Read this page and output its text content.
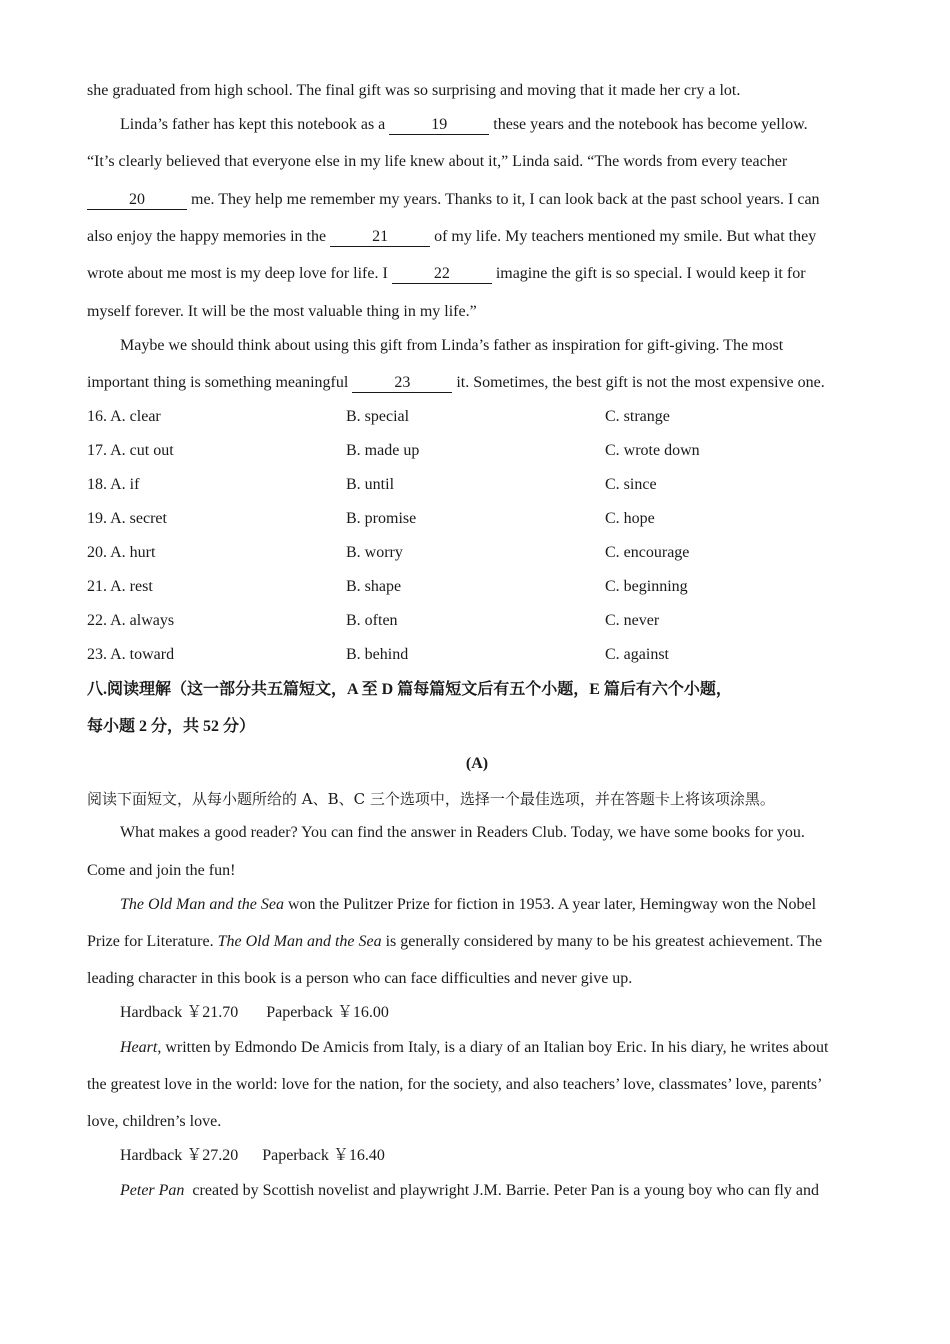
she graduated from high school. The final gift was so surprising and moving that it made her cry a lot.
Linda’s father has kept this notebook as a	19	these years and the notebook has become yellow.
“It’s clearly believed that everyone else in my life knew about it,” Linda said. “The words from every teacher
20	me. They help me remember my years. Thanks to it, I can look back at the past school years. I can
also enjoy the happy memories in the	21	of my life. My teachers mentioned my smile. But what they
wrote about me most is my deep love for life. I	22	imagine the gift is so special. I would keep it for
myself forever. It will be the most valuable thing in my life.”
Maybe we should think about using this gift from Linda’s father as inspiration for gift-giving. The most
important thing is something meaningful	23	it. Sometimes, the best gift is not the most expensive one.
16. A. clear	B. special	C. strange
17. A. cut out	B. made up	C. wrote down
18. A. if	B. until	C. since
19. A. secret	B. promise	C. hope
20. A. hurt	B. worry	C. encourage
21. A. rest	B. shape	C. beginning
22. A. always	B. often	C. never
23. A. toward	B. behind	C. against
八.阅读理解（这一部分共五篇短文，A 至 D 篇每篇短文后有五个小题，E 篇后有六个小题，
每小题 2 分，共 52 分）
(A)
阅读下面短文，从每小题所给的 A、B、C 三个选项中，选择一个最佳选项，并在答题卡上将该项涂黑。
What makes a good reader? You can find the answer in Readers Club. Today, we have some books for you.
Come and join the fun!
The Old Man and the Sea won the Pulitzer Prize for fiction in 1953. A year later, Hemingway won the Nobel
Prize for Literature. The Old Man and the Sea is generally considered by many to be his greatest achievement. The
leading character in this book is a person who can face difficulties and never give up.
Hardback ￥21.70 Paperback ￥16.00
Heart, written by Edmondo De Amicis from Italy, is a diary of an Italian boy Eric. In his diary, he writes about
the greatest love in the world: love for the nation, for the society, and also teachers’ love, classmates’ love, parents’
love, children’s love.
Hardback ￥27.20 Paperback ￥16.40
Peter Pan created by Scottish novelist and playwright J.M. Barrie. Peter Pan is a young boy who can fly and
